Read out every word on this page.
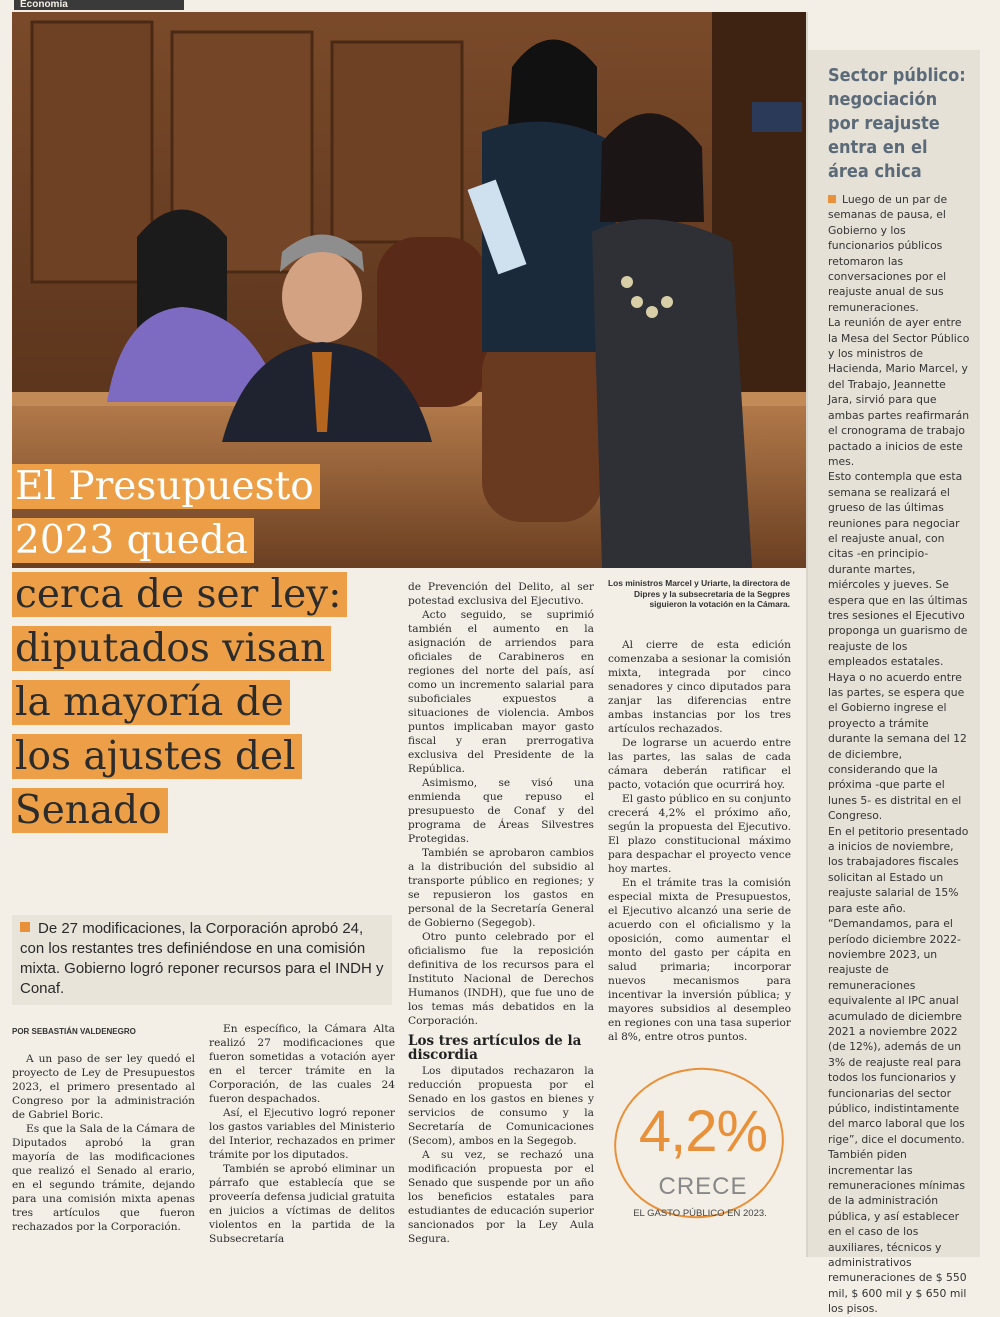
Economía
El Presupuesto
2023 queda
cerca de ser ley:
diputados visan
la mayoría de
los ajustes del
Senado

De 27 modificaciones, la Corporación aprobó 24, con los restantes tres definiéndose en una comisión mixta. Gobierno logró reponer recursos para el INDH y Conaf.

POR SEBASTIÁN VALDENEGRO

A un paso de ser ley quedó el proyecto de Ley de Presupuestos 2023, el primero presentado al Congreso por la administración de Gabriel Boric.

Es que la Sala de la Cámara de Diputados aprobó la gran mayoría de las modificaciones que realizó el Senado al erario, en el segundo trámite, dejando para una comisión mixta apenas tres artículos que fueron rechazados por la Corporación.

En específico, la Cámara Alta realizó 27 modificaciones que fueron sometidas a votación ayer en el tercer trámite en la Corporación, de las cuales 24 fueron despachados.

Así, el Ejecutivo logró reponer los gastos variables del Ministerio del Interior, rechazados en primer trámite por los diputados.

También se aprobó eliminar un párrafo que establecía que se proveería defensa judicial gratuita en juicios a víctimas de delitos violentos en la partida de la Subsecretaría

de Prevención del Delito, al ser potestad exclusiva del Ejecutivo.

Acto seguido, se suprimió también el aumento en la asignación de arriendos para oficiales de Carabineros en regiones del norte del país, así como un incremento salarial para suboficiales expuestos a situaciones de violencia. Ambos puntos implicaban mayor gasto fiscal y eran prerrogativa exclusiva del Presidente de la República.

Asimismo, se visó una enmienda que repuso el presupuesto de Conaf y del programa de Áreas Silvestres Protegidas.

También se aprobaron cambios a la distribución del subsidio al transporte público en regiones; y se repusieron los gastos en personal de la Secretaría General de Gobierno (Segegob).

Otro punto celebrado por el oficialismo fue la reposición definitiva de los recursos para el Instituto Nacional de Derechos Humanos (INDH), que fue uno de los temas más debatidos en la Corporación.

Los tres artículos de la discordia

Los diputados rechazaron la reducción propuesta por el Senado en los gastos en bienes y servicios de consumo y la Secretaría de Comunicaciones (Secom), ambos en la Segegob.

A su vez, se rechazó una modificación propuesta por el Senado que suspende por un año los beneficios estatales para estudiantes de educación superior sancionados por la Ley Aula Segura.

Los ministros Marcel y Uriarte, la directora de Dipres y la subsecretaria de la Segpres siguieron la votación en la Cámara.

Al cierre de esta edición comenzaba a sesionar la comisión mixta, integrada por cinco senadores y cinco diputados para zanjar las diferencias entre ambas instancias por los tres artículos rechazados.

De lograrse un acuerdo entre las partes, las salas de cada cámara deberán ratificar el pacto, votación que ocurrirá hoy.

El gasto público en su conjunto crecerá 4,2% el próximo año, según la propuesta del Ejecutivo. El plazo constitucional máximo para despachar el proyecto vence hoy martes.

En el trámite tras la comisión especial mixta de Presupuestos, el Ejecutivo alcanzó una serie de acuerdo con el oficialismo y la oposición, como aumentar el monto del gasto per cápita en salud primaria; incorporar nuevos mecanismos para incentivar la inversión pública; y mayores subsidios al desempleo en regiones con una tasa superior al 8%, entre otros puntos.

4,2%
CRECE
EL GASTO PÚBLICO EN 2023.
Sector público: negociación por reajuste entra en el área chica

Luego de un par de semanas de pausa, el Gobierno y los funcionarios públicos retomaron las conversaciones por el reajuste anual de sus remuneraciones.

La reunión de ayer entre la Mesa del Sector Público y los ministros de Hacienda, Mario Marcel, y del Trabajo, Jeannette Jara, sirvió para que ambas partes reafirmarán el cronograma de trabajo pactado a inicios de este mes.

Esto contempla que esta semana se realizará el grueso de las últimas reuniones para negociar el reajuste anual, con citas -en principio- durante martes, miércoles y jueves. Se espera que en las últimas tres sesiones el Ejecutivo proponga un guarismo de reajuste de los empleados estatales.

Haya o no acuerdo entre las partes, se espera que el Gobierno ingrese el proyecto a trámite durante la semana del 12 de diciembre, considerando que la próxima -que parte el lunes 5- es distrital en el Congreso.

En el petitorio presentado a inicios de noviembre, los trabajadores fiscales solicitan al Estado un reajuste salarial de 15% para este año. “Demandamos, para el período diciembre 2022-noviembre 2023, un reajuste de remuneraciones equivalente al IPC anual acumulado de diciembre 2021 a noviembre 2022 (de 12%), además de un 3% de reajuste real para todos los funcionarios y funcionarias del sector público, indistintamente del marco laboral que los rige”, dice el documento.

También piden incrementar las remuneraciones mínimas de la administración pública, y así establecer en el caso de los auxiliares, técnicos y administrativos remuneraciones de $ 550 mil, $ 600 mil y $ 650 mil los pisos.
